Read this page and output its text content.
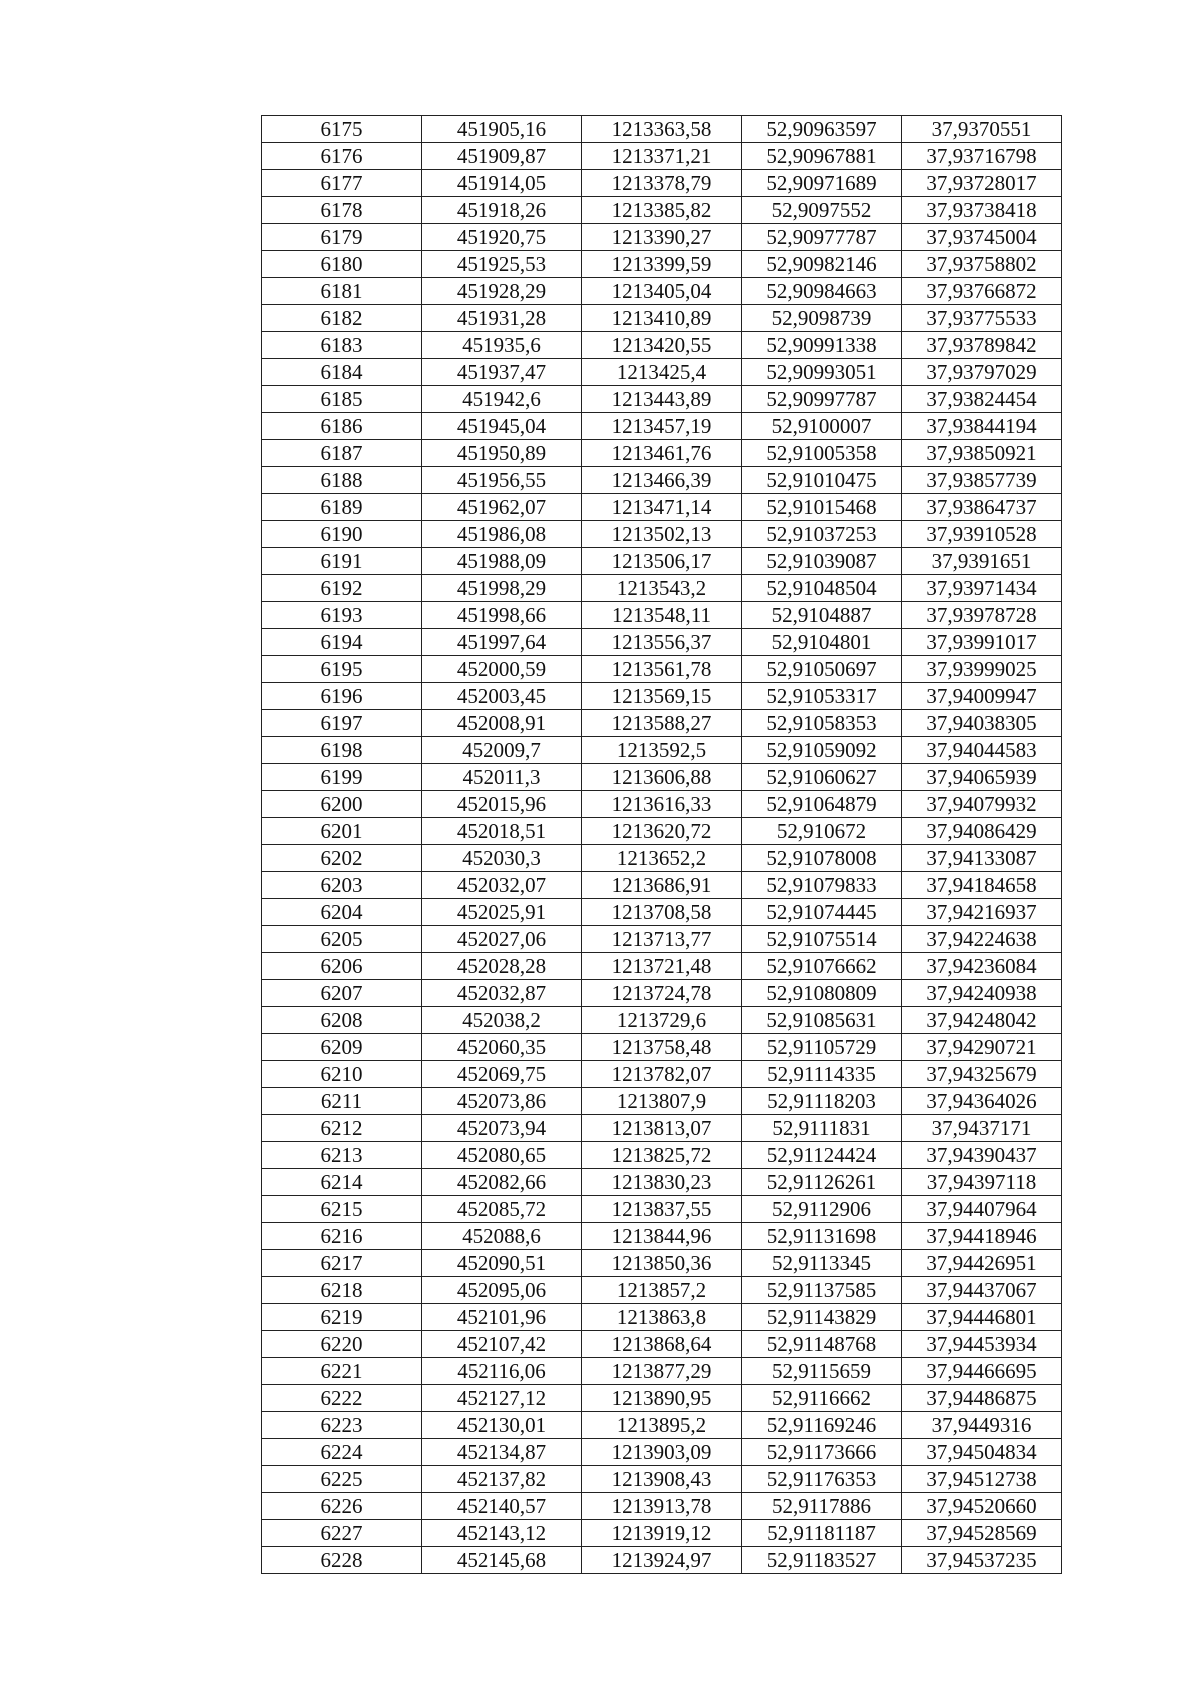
6175	451905,16	1213363,58	52,90963597	37,9370551
6176	451909,87	1213371,21	52,90967881	37,93716798
6177	451914,05	1213378,79	52,90971689	37,93728017
6178	451918,26	1213385,82	52,9097552	37,93738418
6179	451920,75	1213390,27	52,90977787	37,93745004
6180	451925,53	1213399,59	52,90982146	37,93758802
6181	451928,29	1213405,04	52,90984663	37,93766872
6182	451931,28	1213410,89	52,9098739	37,93775533
6183	451935,6	1213420,55	52,90991338	37,93789842
6184	451937,47	1213425,4	52,90993051	37,93797029
6185	451942,6	1213443,89	52,90997787	37,93824454
6186	451945,04	1213457,19	52,9100007	37,93844194
6187	451950,89	1213461,76	52,91005358	37,93850921
6188	451956,55	1213466,39	52,91010475	37,93857739
6189	451962,07	1213471,14	52,91015468	37,93864737
6190	451986,08	1213502,13	52,91037253	37,93910528
6191	451988,09	1213506,17	52,91039087	37,9391651
6192	451998,29	1213543,2	52,91048504	37,93971434
6193	451998,66	1213548,11	52,9104887	37,93978728
6194	451997,64	1213556,37	52,9104801	37,93991017
6195	452000,59	1213561,78	52,91050697	37,93999025
6196	452003,45	1213569,15	52,91053317	37,94009947
6197	452008,91	1213588,27	52,91058353	37,94038305
6198	452009,7	1213592,5	52,91059092	37,94044583
6199	452011,3	1213606,88	52,91060627	37,94065939
6200	452015,96	1213616,33	52,91064879	37,94079932
6201	452018,51	1213620,72	52,910672	37,94086429
6202	452030,3	1213652,2	52,91078008	37,94133087
6203	452032,07	1213686,91	52,91079833	37,94184658
6204	452025,91	1213708,58	52,91074445	37,94216937
6205	452027,06	1213713,77	52,91075514	37,94224638
6206	452028,28	1213721,48	52,91076662	37,94236084
6207	452032,87	1213724,78	52,91080809	37,94240938
6208	452038,2	1213729,6	52,91085631	37,94248042
6209	452060,35	1213758,48	52,91105729	37,94290721
6210	452069,75	1213782,07	52,91114335	37,94325679
6211	452073,86	1213807,9	52,91118203	37,94364026
6212	452073,94	1213813,07	52,9111831	37,9437171
6213	452080,65	1213825,72	52,91124424	37,94390437
6214	452082,66	1213830,23	52,91126261	37,94397118
6215	452085,72	1213837,55	52,9112906	37,94407964
6216	452088,6	1213844,96	52,91131698	37,94418946
6217	452090,51	1213850,36	52,9113345	37,94426951
6218	452095,06	1213857,2	52,91137585	37,94437067
6219	452101,96	1213863,8	52,91143829	37,94446801
6220	452107,42	1213868,64	52,91148768	37,94453934
6221	452116,06	1213877,29	52,9115659	37,94466695
6222	452127,12	1213890,95	52,9116662	37,94486875
6223	452130,01	1213895,2	52,91169246	37,9449316
6224	452134,87	1213903,09	52,91173666	37,94504834
6225	452137,82	1213908,43	52,91176353	37,94512738
6226	452140,57	1213913,78	52,9117886	37,94520660
6227	452143,12	1213919,12	52,91181187	37,94528569
6228	452145,68	1213924,97	52,91183527	37,94537235
